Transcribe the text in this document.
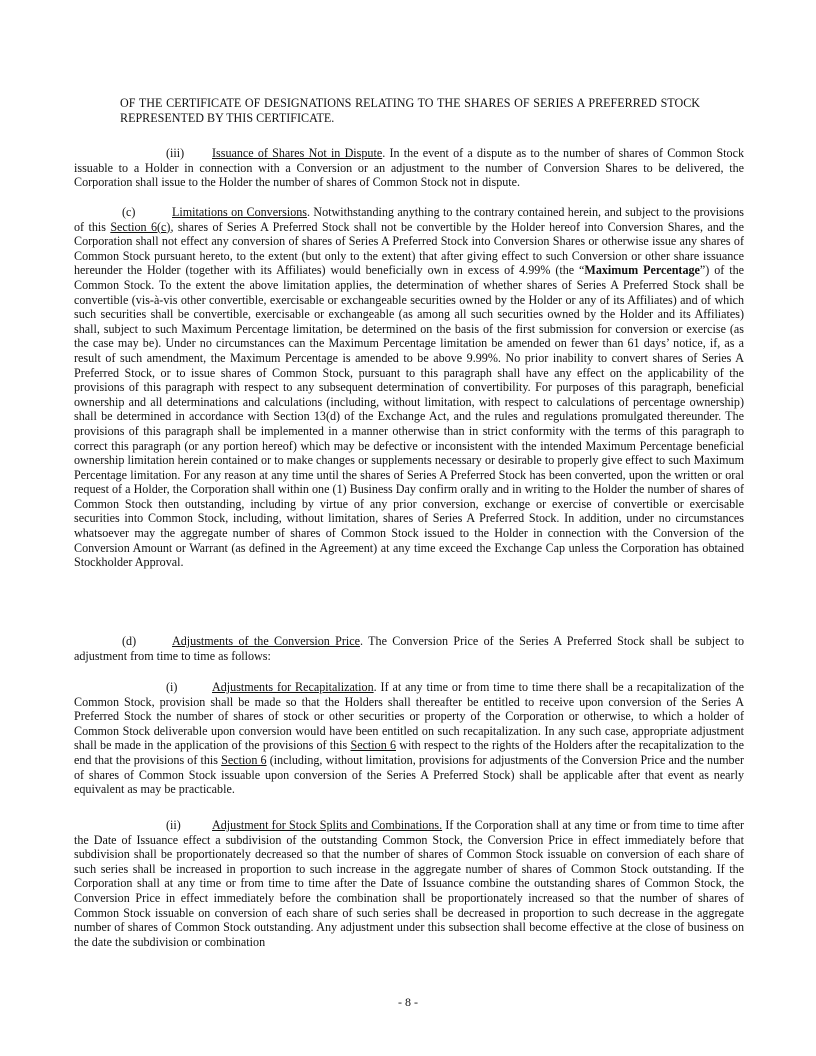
OF THE CERTIFICATE OF DESIGNATIONS RELATING TO THE SHARES OF SERIES A PREFERRED STOCK REPRESENTED BY THIS CERTIFICATE.

(iii) Issuance of Shares Not in Dispute. In the event of a dispute as to the number of shares of Common Stock issuable to a Holder in connection with a Conversion or an adjustment to the number of Conversion Shares to be delivered, the Corporation shall issue to the Holder the number of shares of Common Stock not in dispute.

(c)	Limitations on Conversions. Notwithstanding anything to the contrary contained herein, and subject to the provisions of this Section 6(c), shares of Series A Preferred Stock shall not be convertible by the Holder hereof into Conversion Shares, and the Corporation shall not effect any conversion of shares of Series A Preferred Stock into Conversion Shares or otherwise issue any shares of Common Stock pursuant hereto, to the extent (but only to the extent) that after giving effect to such Conversion or other share issuance hereunder the Holder (together with its Affiliates) would beneficially own in excess of 4.99% (the “Maximum Percentage”) of the Common Stock. To the extent the above limitation applies, the determination of whether shares of Series A Preferred Stock shall be convertible (vis-à-vis other convertible, exercisable or exchangeable securities owned by the Holder or any of its Affiliates) and of which such securities shall be convertible, exercisable or exchangeable (as among all such securities owned by the Holder and its Affiliates) shall, subject to such Maximum Percentage limitation, be determined on the basis of the first submission for conversion or exercise (as the case may be). Under no circumstances can the Maximum Percentage limitation be amended on fewer than 61 days’ notice, if, as a result of such amendment, the Maximum Percentage is amended to be above 9.99%. No prior inability to convert shares of Series A Preferred Stock, or to issue shares of Common Stock, pursuant to this paragraph shall have any effect on the applicability of the provisions of this paragraph with respect to any subsequent determination of convertibility. For purposes of this paragraph, beneficial ownership and all determinations and calculations (including, without limitation, with respect to calculations of percentage ownership) shall be determined in accordance with Section 13(d) of the Exchange Act, and the rules and regulations promulgated thereunder. The provisions of this paragraph shall be implemented in a manner otherwise than in strict conformity with the terms of this paragraph to correct this paragraph (or any portion hereof) which may be defective or inconsistent with the intended Maximum Percentage beneficial ownership limitation herein contained or to make changes or supplements necessary or desirable to properly give effect to such Maximum Percentage limitation. For any reason at any time until the shares of Series A Preferred Stock has been converted, upon the written or oral request of a Holder, the Corporation shall within one (1) Business Day confirm orally and in writing to the Holder the number of shares of Common Stock then outstanding, including by virtue of any prior conversion, exchange or exercise of convertible or exercisable securities into Common Stock, including, without limitation, shares of Series A Preferred Stock. In addition, under no circumstances whatsoever may the aggregate number of shares of Common Stock issued to the Holder in connection with the Conversion of the Conversion Amount or Warrant (as defined in the Agreement) at any time exceed the Exchange Cap unless the Corporation has obtained Stockholder Approval.

(d)	Adjustments of the Conversion Price. The Conversion Price of the Series A Preferred Stock shall be subject to adjustment from time to time as follows:

(i)	Adjustments for Recapitalization. If at any time or from time to time there shall be a recapitalization of the Common Stock, provision shall be made so that the Holders shall thereafter be entitled to receive upon conversion of the Series A Preferred Stock the number of shares of stock or other securities or property of the Corporation or otherwise, to which a holder of Common Stock deliverable upon conversion would have been entitled on such recapitalization. In any such case, appropriate adjustment shall be made in the application of the provisions of this Section 6 with respect to the rights of the Holders after the recapitalization to the end that the provisions of this Section 6 (including, without limitation, provisions for adjustments of the Conversion Price and the number of shares of Common Stock issuable upon conversion of the Series A Preferred Stock) shall be applicable after that event as nearly equivalent as may be practicable.

(ii)	Adjustment for Stock Splits and Combinations. If the Corporation shall at any time or from time to time after the Date of Issuance effect a subdivision of the outstanding Common Stock, the Conversion Price in effect immediately before that subdivision shall be proportionately decreased so that the number of shares of Common Stock issuable on conversion of each share of such series shall be increased in proportion to such increase in the aggregate number of shares of Common Stock outstanding. If the Corporation shall at any time or from time to time after the Date of Issuance combine the outstanding shares of Common Stock, the Conversion Price in effect immediately before the combination shall be proportionately increased so that the number of shares of Common Stock issuable on conversion of each share of such series shall be decreased in proportion to such decrease in the aggregate number of shares of Common Stock outstanding. Any adjustment under this subsection shall become effective at the close of business on the date the subdivision or combination

- 8 -
